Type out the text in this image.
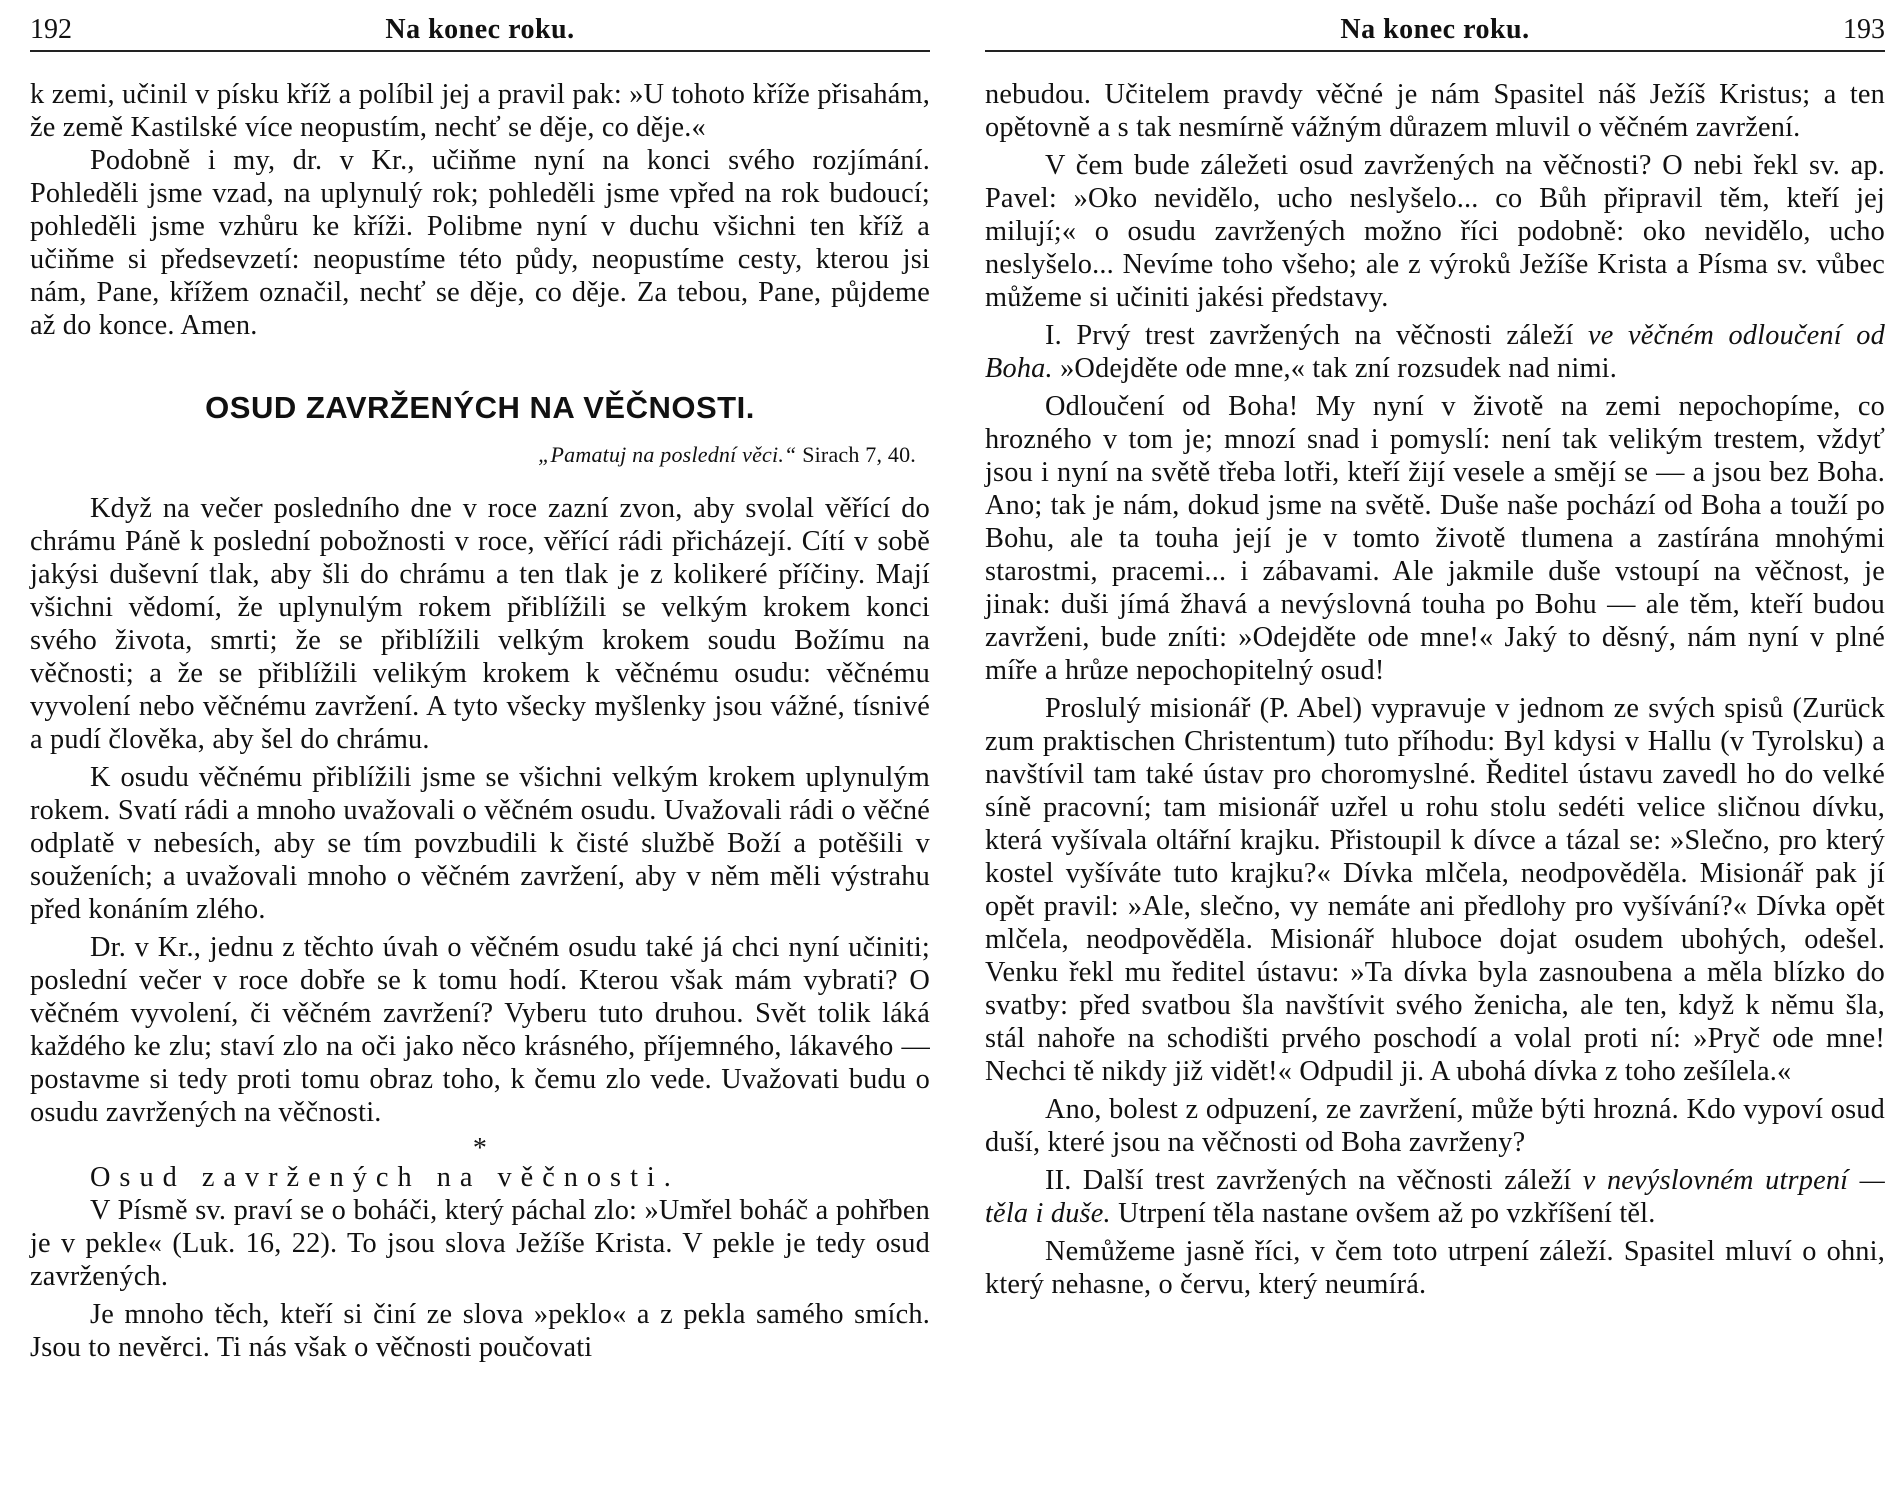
192	Na konec roku.

k zemi, učinil v písku kříž a políbil jej a pravil pak: »U tohoto kříže přisahám, že země Kastilské více neopustím, nechť se děje, co děje.«

Podobně i my, dr. v Kr., učiňme nyní na konci svého rozjímání. Pohleděli jsme vzad, na uplynulý rok; pohleděli jsme vpřed na rok budoucí; pohleděli jsme vzhůru ke kříži. Polibme nyní v duchu všichni ten kříž a učiňme si předsevzetí: neopustíme této půdy, neopustíme cesty, kterou jsi nám, Pane, křížem označil, nechť se děje, co děje. Za tebou, Pane, půjdeme až do konce. Amen.

OSUD ZAVRŽENÝCH NA VĚČNOSTI.

„Pamatuj na poslední věci.“ Sirach 7, 40.

Když na večer posledního dne v roce zazní zvon, aby svolal věřící do chrámu Páně k poslední pobožnosti v roce, věřící rádi přicházejí. Cítí v sobě jakýsi duševní tlak, aby šli do chrámu a ten tlak je z kolikeré příčiny. Mají všichni vědomí, že uplynulým rokem přiblížili se velkým krokem konci svého života, smrti; že se přiblížili velkým krokem soudu Božímu na věčnosti; a že se přiblížili velikým krokem k věčnému osudu: věčnému vyvolení nebo věčnému zavržení. A tyto všecky myšlenky jsou vážné, tísnivé a pudí člověka, aby šel do chrámu.

K osudu věčnému přiblížili jsme se všichni velkým krokem uplynulým rokem. Svatí rádi a mnoho uvažovali o věčném osudu. Uvažovali rádi o věčné odplatě v nebesích, aby se tím povzbudili k čisté službě Boží a potěšili v souženích; a uvažovali mnoho o věčném zavržení, aby v něm měli výstrahu před konáním zlého.

Dr. v Kr., jednu z těchto úvah o věčném osudu také já chci nyní učiniti; poslední večer v roce dobře se k tomu hodí. Kterou však mám vybrati? O věčném vyvolení, či věčném zavržení? Vyberu tuto druhou. Svět tolik láká každého ke zlu; staví zlo na oči jako něco krásného, příjemného, lákavého — postavme si tedy proti tomu obraz toho, k čemu zlo vede. Uvažovati budu o osudu zavržených na věčnosti.

*

Osud zavržených na věčnosti.

V Písmě sv. praví se o boháči, který páchal zlo: »Umřel boháč a pohřben je v pekle« (Luk. 16, 22). To jsou slova Ježíše Krista. V pekle je tedy osud zavržených.

Je mnoho těch, kteří si činí ze slova »peklo« a z pekla samého smích. Jsou to nevěrci. Ti nás však o věčnosti poučovati

Na konec roku.	193

nebudou. Učitelem pravdy věčné je nám Spasitel náš Ježíš Kristus; a ten opětovně a s tak nesmírně vážným důrazem mluvil o věčném zavržení.

V čem bude záležeti osud zavržených na věčnosti? O nebi řekl sv. ap. Pavel: »Oko nevidělo, ucho neslyšelo... co Bůh připravil těm, kteří jej milují;« o osudu zavržených možno říci podobně: oko nevidělo, ucho neslyšelo... Nevíme toho všeho; ale z výroků Ježíše Krista a Písma sv. vůbec můžeme si učiniti jakési představy.

I. Prvý trest zavržených na věčnosti záleží ve věčném odloučení od Boha. »Odejděte ode mne,« tak zní rozsudek nad nimi.

Odloučení od Boha! My nyní v životě na zemi nepochopíme, co hrozného v tom je; mnozí snad i pomyslí: není tak velikým trestem, vždyť jsou i nyní na světě třeba lotři, kteří žijí vesele a smějí se — a jsou bez Boha. Ano; tak je nám, dokud jsme na světě. Duše naše pochází od Boha a touží po Bohu, ale ta touha její je v tomto životě tlumena a zastírána mnohými starostmi, pracemi... i zábavami. Ale jakmile duše vstoupí na věčnost, je jinak: duši jímá žhavá a nevýslovná touha po Bohu — ale těm, kteří budou zavrženi, bude zníti: »Odejděte ode mne!« Jaký to děsný, nám nyní v plné míře a hrůze nepochopitelný osud!

Proslulý misionář (P. Abel) vypravuje v jednom ze svých spisů (Zurück zum praktischen Christentum) tuto příhodu: Byl kdysi v Hallu (v Tyrolsku) a navštívil tam také ústav pro choromyslné. Ředitel ústavu zavedl ho do velké síně pracovní; tam misionář uzřel u rohu stolu sedéti velice sličnou dívku, která vyšívala oltářní krajku. Přistoupil k dívce a tázal se: »Slečno, pro který kostel vyšíváte tuto krajku?« Dívka mlčela, neodpověděla. Misionář pak jí opět pravil: »Ale, slečno, vy nemáte ani předlohy pro vyšívání?« Dívka opět mlčela, neodpověděla. Misionář hluboce dojat osudem ubohých, odešel. Venku řekl mu ředitel ústavu: »Ta dívka byla zasnoubena a měla blízko do svatby: před svatbou šla navštívit svého ženicha, ale ten, když k němu šla, stál nahoře na schodišti prvého poschodí a volal proti ní: »Pryč ode mne! Nechci tě nikdy již vidět!« Odpudil ji. A ubohá dívka z toho zešílela.«

Ano, bolest z odpuzení, ze zavržení, může býti hrozná. Kdo vypoví osud duší, které jsou na věčnosti od Boha zavrženy?

II. Další trest zavržených na věčnosti záleží v nevýslovném utrpení — těla i duše. Utrpení těla nastane ovšem až po vzkříšení těl.

Nemůžeme jasně říci, v čem toto utrpení záleží. Spasitel mluví o ohni, který nehasne, o červu, který neumírá.
